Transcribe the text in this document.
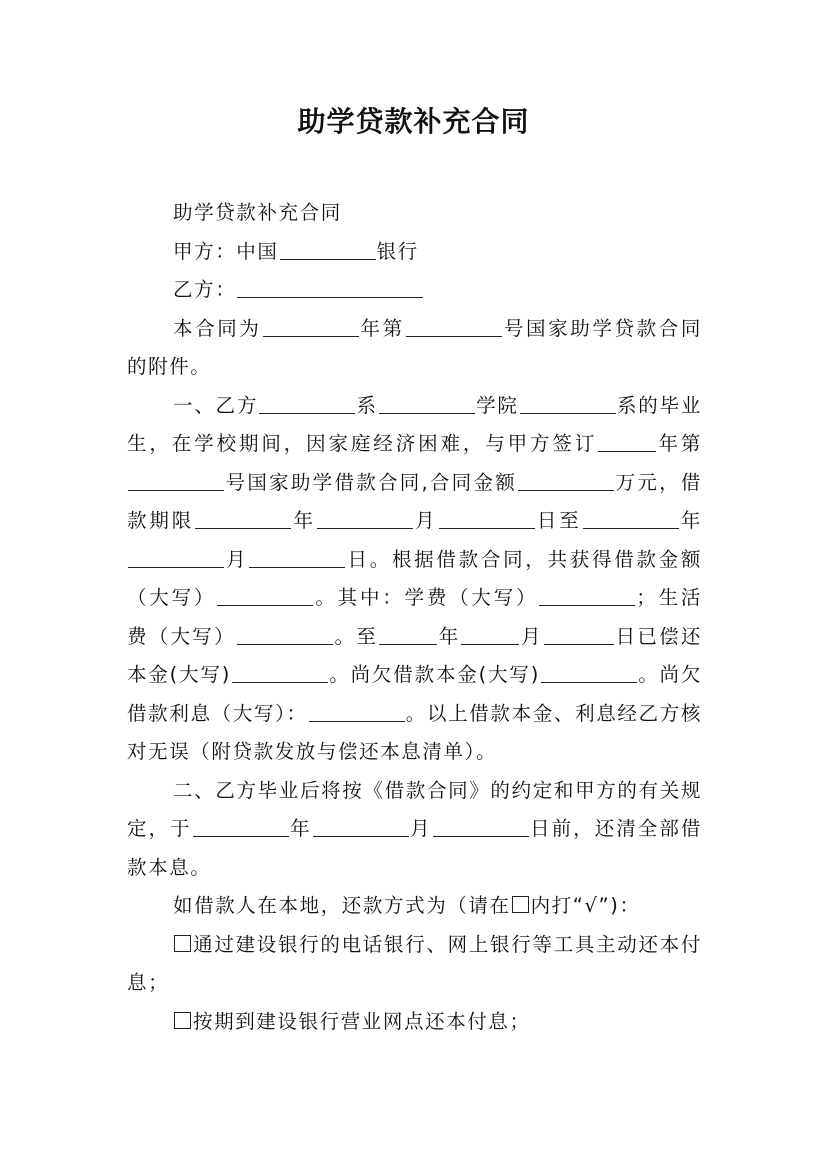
助学贷款补充合同

助学贷款补充合同

甲方：中国	银行

乙方：

本合同为	年第	号国家助学贷款合同的附件。

一、乙方	系	学院	系的毕业生，在学校期间，因家庭经济困难，与甲方签订	年第号国家助学借款合同,合同金额	万元，借款期限	年	月	日至	年月	日。根据借款合同，共获得借款金额（大写）	。其中：学费（大写）	；生活费（大写）	。至	年	月	日已偿还本金(大写)	。尚欠借款本金(大写)	。尚欠借款利息（大写）：	。以上借款本金、利息经乙方核对无误（附贷款发放与偿还本息清单）。

二、乙方毕业后将按《借款合同》的约定和甲方的有关规定，于	年	月	日前，还清全部借款本息。

如借款人在本地，还款方式为（请在 内打“√”)：

通过建设银行的电话银行、网上银行等工具主动还本付息；

按期到建设银行营业网点还本付息；
